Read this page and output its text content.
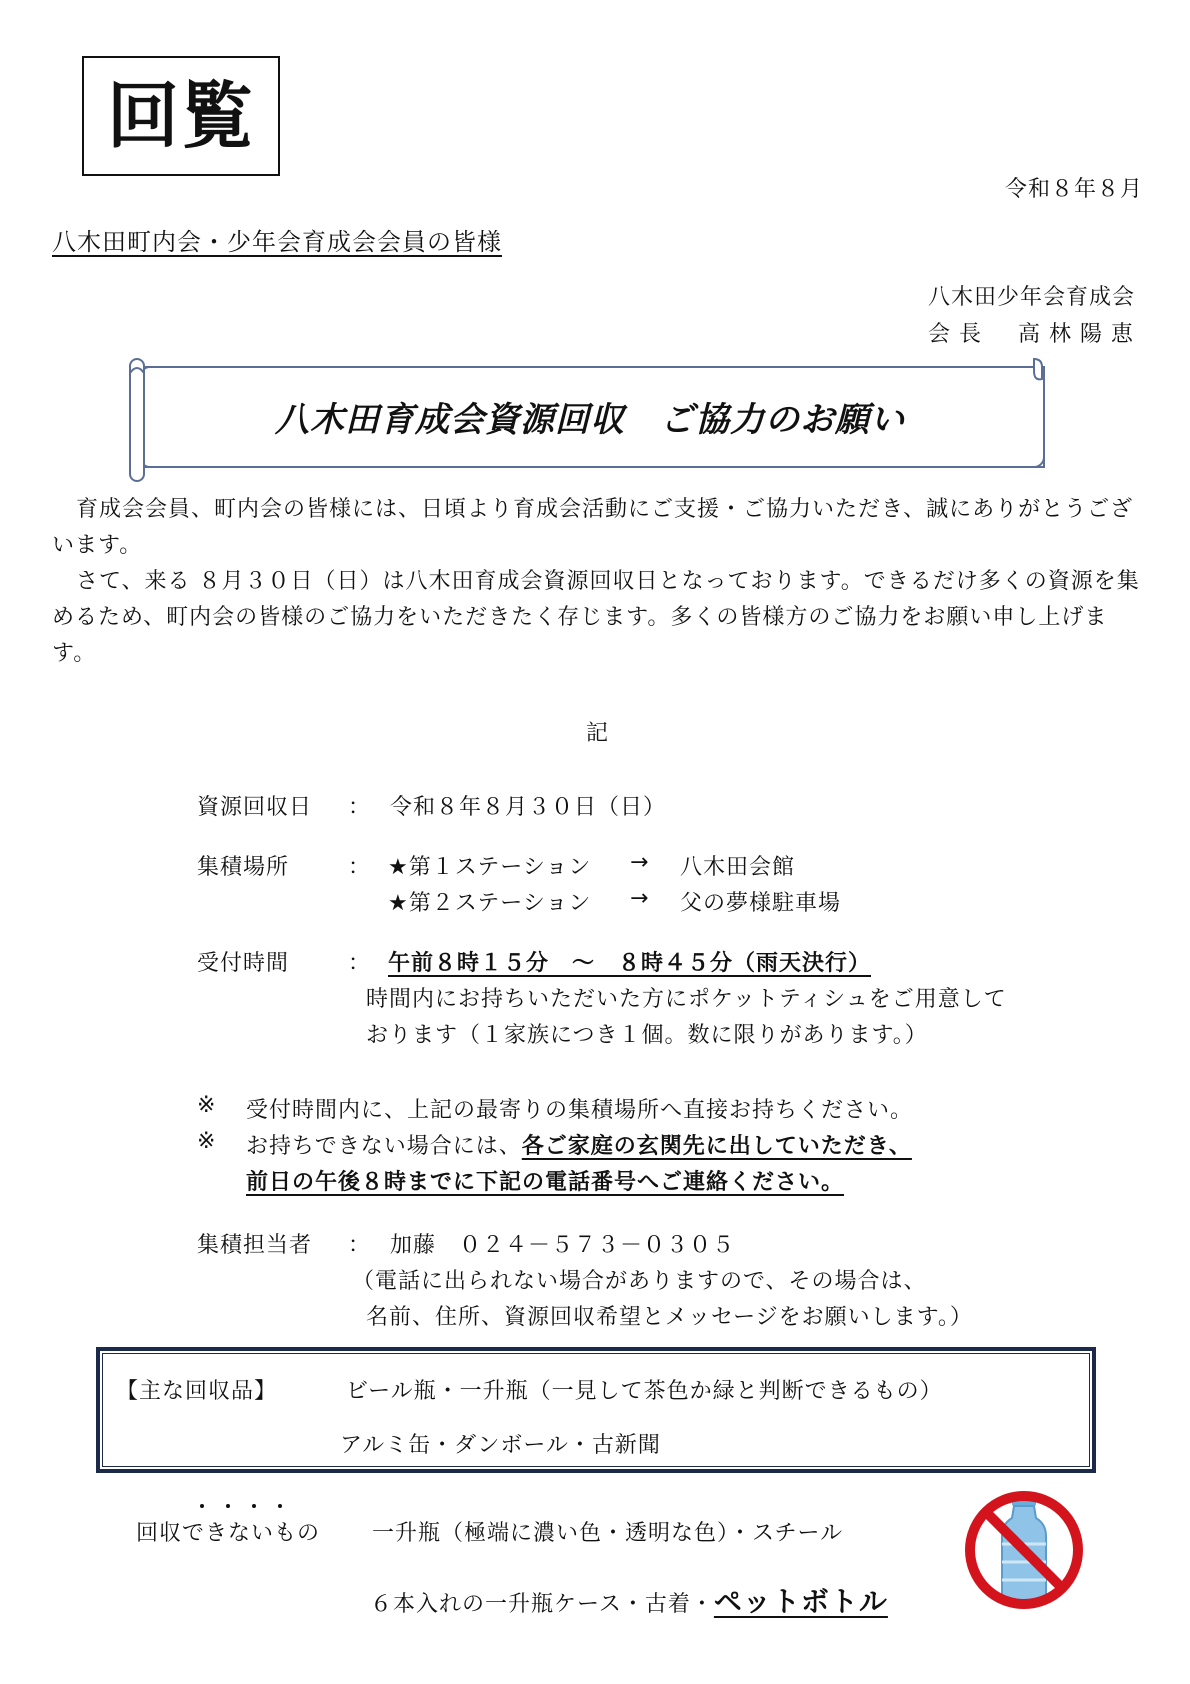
回覧
令和８年８月
八木田町内会・少年会育成会会員の皆様
八木田少年会育成会
会 長 高 林 陽 恵
八木田育成会資源回収　ご協力のお願い
育成会会員、町内会の皆様には、日頃より育成会活動にご支援・ご協力いただき、誠にありがとうございます。
さて、来る ８月３０日（日）は八木田育成会資源回収日となっております。できるだけ多くの資源を集めるため、町内会の皆様のご協力をいただきたく存じます。多くの皆様方のご協力をお願い申し上げます。
記
資源回収日 ： 令和８年８月３０日（日）
集積場所	： ★第１ステーション → 八木田会館
★第２ステーション → 父の夢様駐車場
受付時間	： 午前８時１５分　～　８時４５分（雨天決行）
時間内にお持ちいただいた方にポケットティシュをご用意して
おります（１家族につき１個。数に限りがあります。）
※ 受付時間内に、上記の最寄りの集積場所へ直接お持ちください。
※ お持ちできない場合には、各ご家庭の玄関先に出していただき、
前日の午後８時までに下記の電話番号へご連絡ください。
集積担当者 ： 加藤　０２４－５７３－０３０５
（電話に出られない場合がありますので、その場合は、
名前、住所、資源回収希望とメッセージをお願いします。）
【主な回収品】	ビール瓶・一升瓶（一見して茶色か緑と判断できるもの）
アルミ缶・ダンボール・古新聞
回収できないもの 一升瓶（極端に濃い色・透明な色）・スチール
６本入れの一升瓶ケース・古着・ペットボトル
